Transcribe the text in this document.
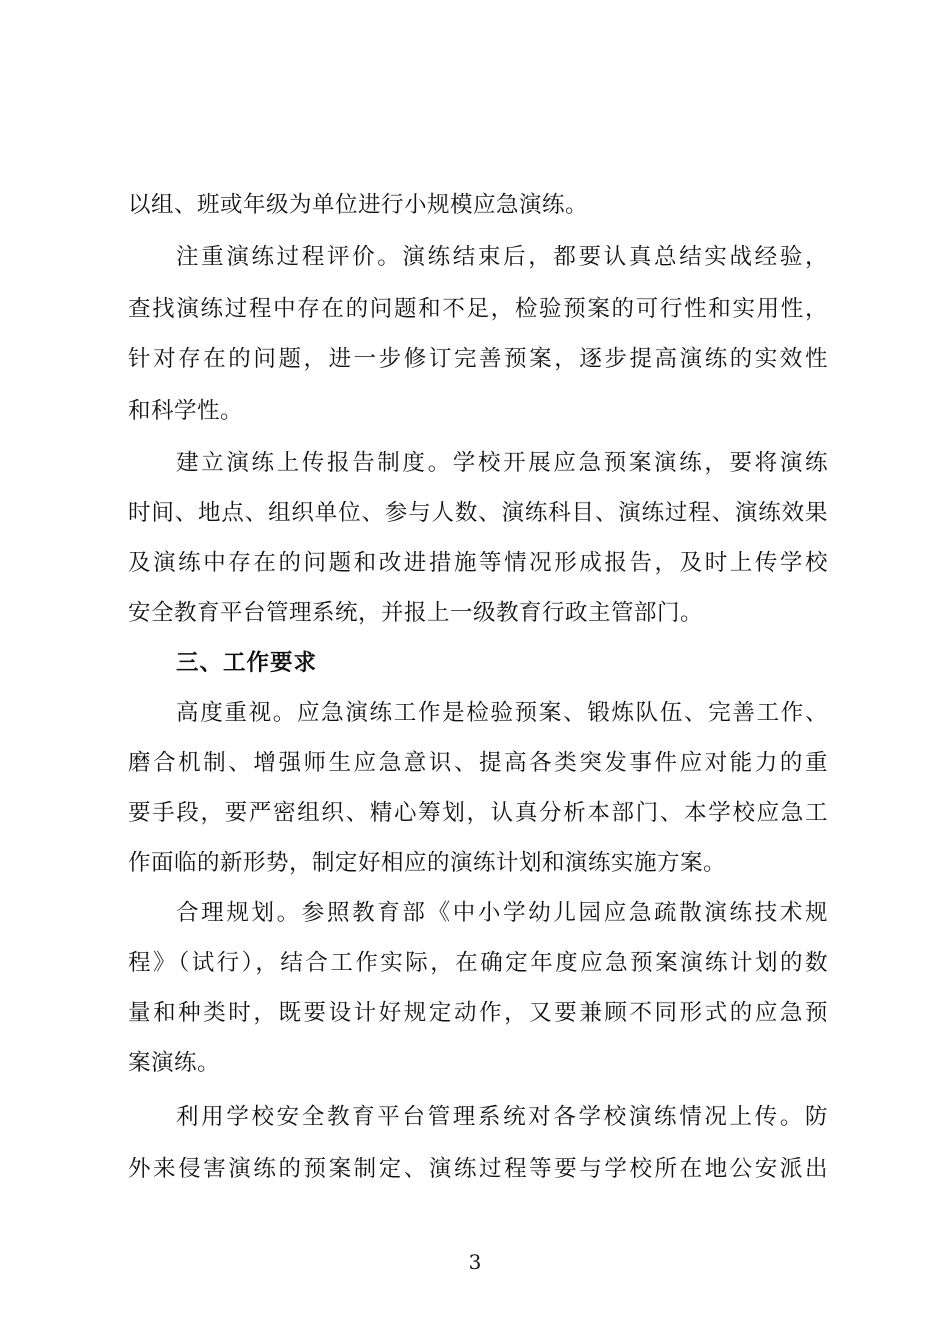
以组、班或年级为单位进行小规模应急演练。
注重演练过程评价。演练结束后，都要认真总结实战经验，
查找演练过程中存在的问题和不足，检验预案的可行性和实用性，
针对存在的问题，进一步修订完善预案，逐步提高演练的实效性
和科学性。
建立演练上传报告制度。学校开展应急预案演练，要将演练
时间、地点、组织单位、参与人数、演练科目、演练过程、演练效果
及演练中存在的问题和改进措施等情况形成报告，及时上传学校
安全教育平台管理系统，并报上一级教育行政主管部门。
三、工作要求
高度重视。应急演练工作是检验预案、锻炼队伍、完善工作、
磨合机制、增强师生应急意识、提高各类突发事件应对能力的重
要手段，要严密组织、精心筹划，认真分析本部门、本学校应急工
作面临的新形势，制定好相应的演练计划和演练实施方案。
合理规划。参照教育部《中小学幼儿园应急疏散演练技术规
程》（试行），结合工作实际，在确定年度应急预案演练计划的数
量和种类时，既要设计好规定动作，又要兼顾不同形式的应急预
案演练。
利用学校安全教育平台管理系统对各学校演练情况上传。防
外来侵害演练的预案制定、演练过程等要与学校所在地公安派出
3
